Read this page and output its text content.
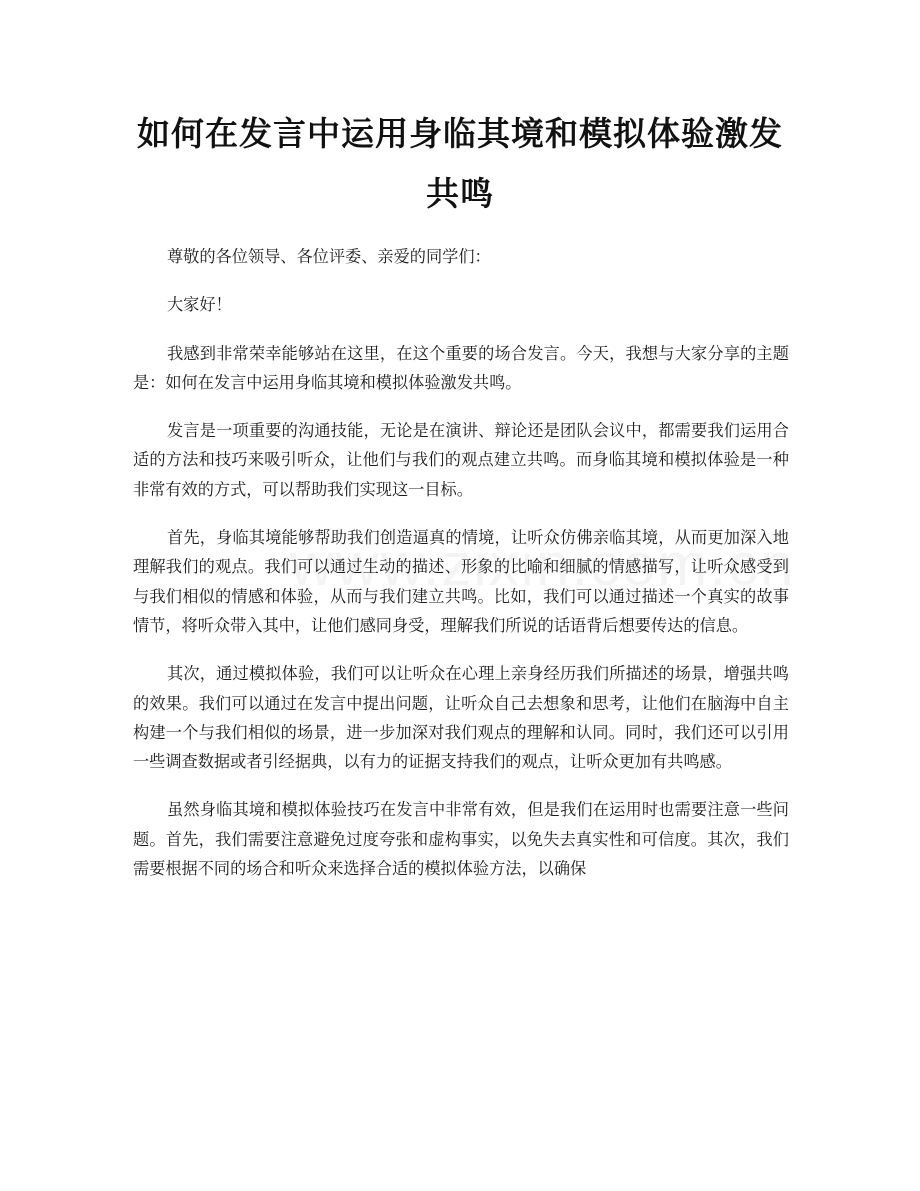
如何在发言中运用身临其境和模拟体验激发共鸣

尊敬的各位领导、各位评委、亲爱的同学们：

大家好！

我感到非常荣幸能够站在这里，在这个重要的场合发言。今天，我想与大家分享的主题是：如何在发言中运用身临其境和模拟体验激发共鸣。

发言是一项重要的沟通技能，无论是在演讲、辩论还是团队会议中，都需要我们运用合适的方法和技巧来吸引听众，让他们与我们的观点建立共鸣。而身临其境和模拟体验是一种非常有效的方式，可以帮助我们实现这一目标。

首先，身临其境能够帮助我们创造逼真的情境，让听众仿佛亲临其境，从而更加深入地理解我们的观点。我们可以通过生动的描述、形象的比喻和细腻的情感描写，让听众感受到与我们相似的情感和体验，从而与我们建立共鸣。比如，我们可以通过描述一个真实的故事情节，将听众带入其中，让他们感同身受，理解我们所说的话语背后想要传达的信息。

其次，通过模拟体验，我们可以让听众在心理上亲身经历我们所描述的场景，增强共鸣的效果。我们可以通过在发言中提出问题，让听众自己去想象和思考，让他们在脑海中自主构建一个与我们相似的场景，进一步加深对我们观点的理解和认同。同时，我们还可以引用一些调查数据或者引经据典，以有力的证据支持我们的观点，让听众更加有共鸣感。

虽然身临其境和模拟体验技巧在发言中非常有效，但是我们在运用时也需要注意一些问题。首先，我们需要注意避免过度夸张和虚构事实，以免失去真实性和可信度。其次，我们需要根据不同的场合和听众来选择合适的模拟体验方法，以确保
